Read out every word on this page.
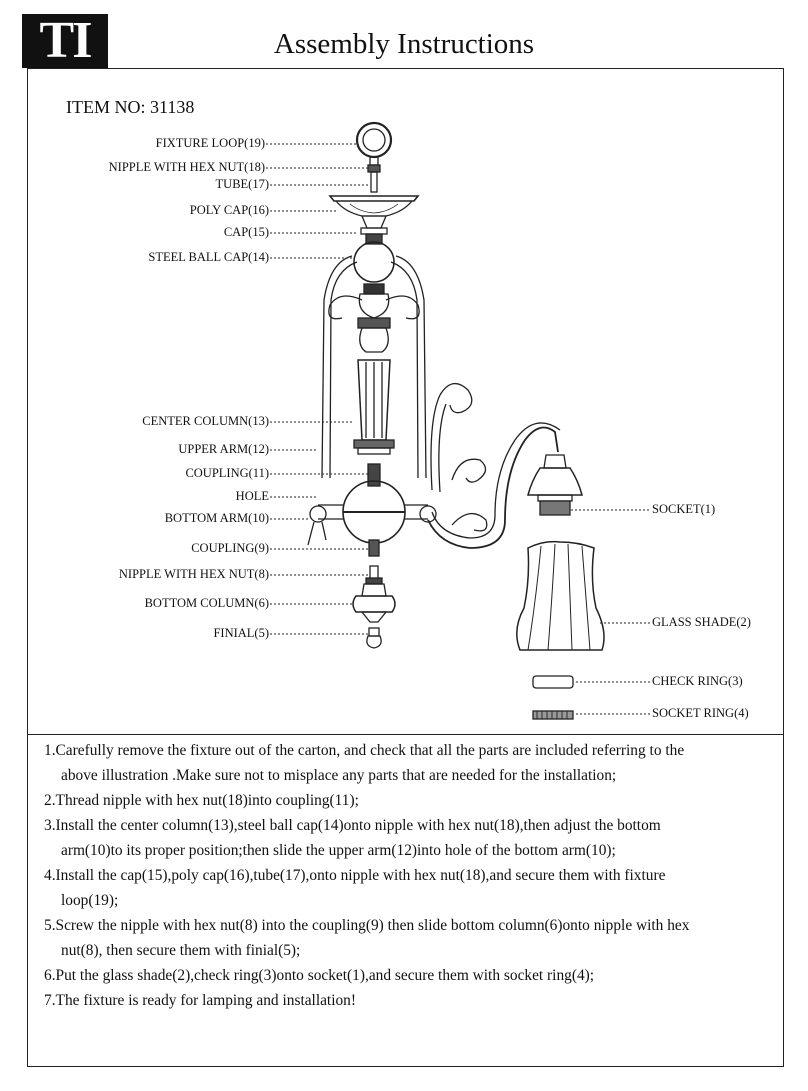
TI	Assembly Instructions
ITEM NO: 31138
FIXTURE LOOP(19)
NIPPLE WITH HEX NUT(18)
TUBE(17)
POLY CAP(16)
CAP(15)
STEEL BALL CAP(14)
CENTER COLUMN(13)
UPPER ARM(12)
COUPLING(11)
HOLE
BOTTOM ARM(10)
COUPLING(9)
NIPPLE WITH HEX NUT(8)
BOTTOM COLUMN(6)
FINIAL(5)
SOCKET(1)
GLASS SHADE(2)
CHECK RING(3)
SOCKET RING(4)

1.Carefully remove the fixture out of the carton, and check that all the parts are included referring to the
above illustration .Make sure not to misplace any parts that are needed for the installation;

2.Thread nipple with hex nut(18)into coupling(11);

3.Install the center column(13),steel ball cap(14)onto nipple with hex nut(18),then adjust the bottom
arm(10)to its proper position;then slide the upper arm(12)into hole of the bottom arm(10);

4.Install the cap(15),poly cap(16),tube(17),onto nipple with hex nut(18),and secure them with fixture
loop(19);

5.Screw the nipple with hex nut(8) into the coupling(9) then slide bottom column(6)onto nipple with hex
nut(8), then secure them with finial(5);

6.Put the glass shade(2),check ring(3)onto socket(1),and secure them with socket ring(4);

7.The fixture is ready for lamping and installation!
